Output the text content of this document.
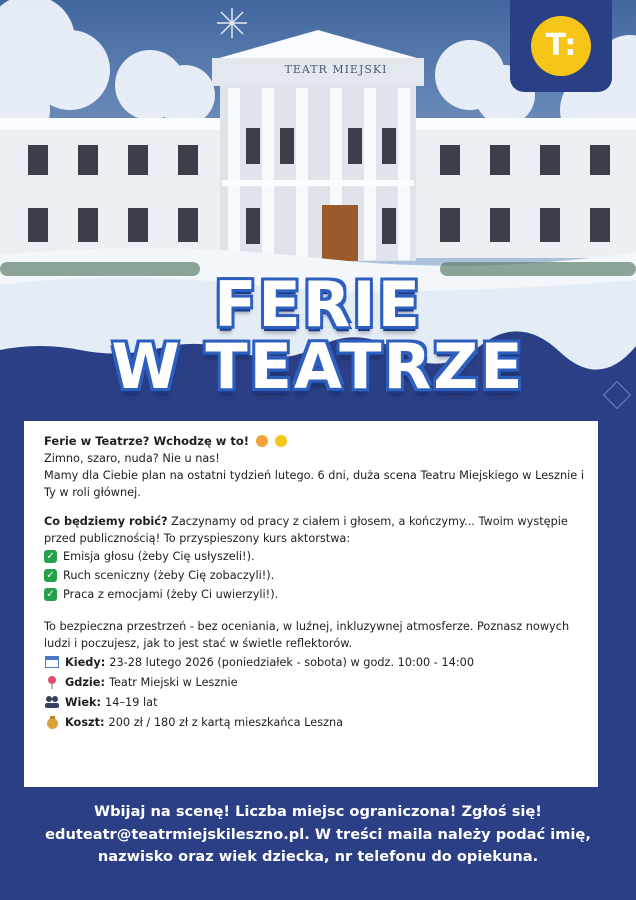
TEATR MIEJSKI
FERIE
W TEATRZE
T:

Ferie w Teatrze? Wchodzę w to!

Zimno, szaro, nuda? Nie u nas!

Mamy dla Ciebie plan na ostatni tydzień lutego. 6 dni, duża scena Teatru Miejskiego w Lesznie i Ty w roli głównej.

Co będziemy robić? Zaczynamy od pracy z ciałem i głosem, a kończymy... Twoim występie przed publicznością! To przyspieszony kurs aktorstwa:

✓ Emisja głosu (żeby Cię usłyszeli!).
✓ Ruch sceniczny (żeby Cię zobaczyli!).
✓ Praca z emocjami (żeby Ci uwierzyli!).

To bezpieczna przestrzeń - bez oceniania, w luźnej, inkluzywnej atmosferze. Poznasz nowych ludzi i poczujesz, jak to jest stać w świetle reflektorów.

Kiedy: 23-28 lutego 2026 (poniedziałek - sobota) w godz. 10:00 - 14:00
Gdzie: Teatr Miejski w Lesznie
Wiek: 14–19 lat
Koszt: 200 zł / 180 zł z kartą mieszkańca Leszna
Wbijaj na scenę! Liczba miejsc ograniczona! Zgłoś się!
eduteatr@teatrmiejskileszno.pl. W treści maila należy podać imię,
nazwisko oraz wiek dziecka, nr telefonu do opiekuna.
